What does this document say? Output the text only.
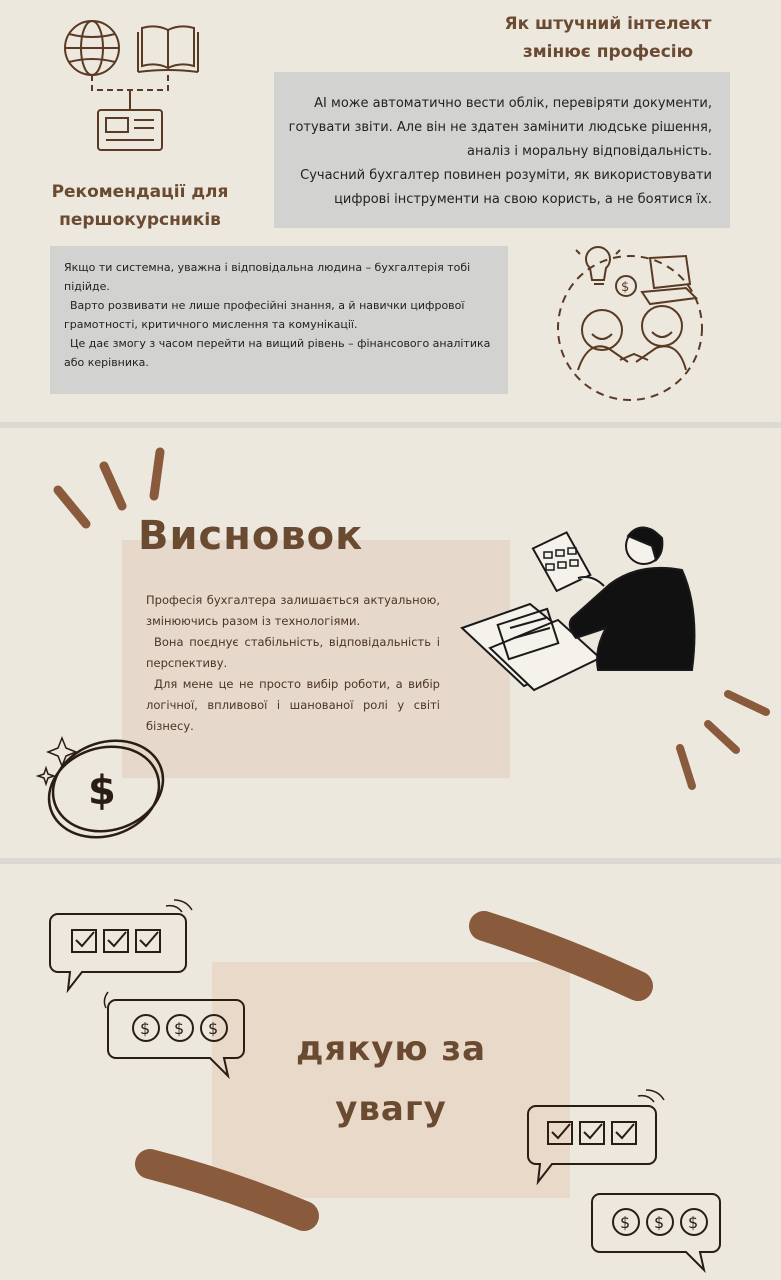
Як штучний інтелект
змінює професію

AI може автоматично вести облік, перевіряти документи,

готувати звіти. Але він не здатен замінити людське рішення,

аналіз і моральну відповідальність.

Сучасний бухгалтер повинен розуміти, як використовувати

цифрові інструменти на свою користь, а не боятися їх.

Рекомендації для
першокурсників

Якщо ти системна, уважна і відповідальна людина – бухгалтерія тобі підійде.

Варто розвивати не лише професійні знання, а й навички цифрової грамотності, критичного мислення та комунікації.

Це дає змогу з часом перейти на вищий рівень – фінансового аналітика або керівника.

$

Професія бухгалтера залишається актуальною, змінюючись разом із технологіями.

Вона поєднує стабільність, відповідальність і перспективу.

Для мене це не просто вибір роботи, а вибір логічної, впливової і шанованої ролі у світі бізнесу.

Висновок
$
дякую за
увагу
$ $ $
$ $ $
